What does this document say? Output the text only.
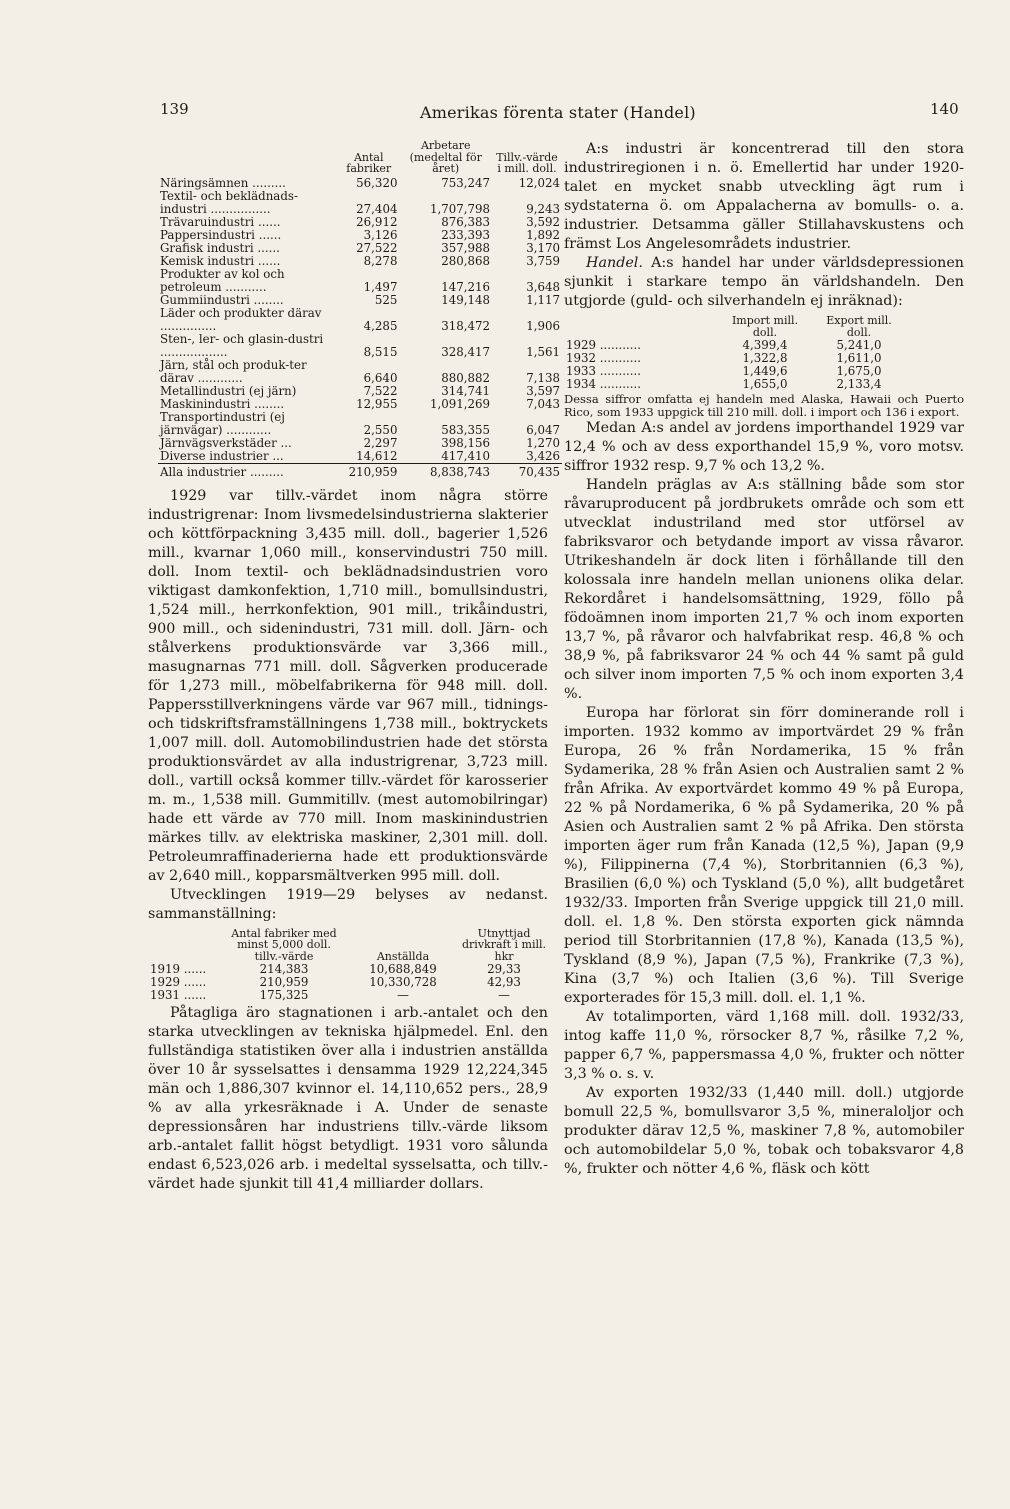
139	Amerikas förenta stater (Handel)	140
	Antal fabriker	Arbetare (medeltal för året)	Tillv.-värde i mill. doll.
Näringsämnen .........	56,320	753,247	12,024
Textil- och beklädnads-industri ................	27,404	1,707,798	9,243
Trävaruindustri ......	26,912	876,383	3,592
Pappersindustri ......	3,126	233,393	1,892
Grafisk industri ......	27,522	357,988	3,170
Kemisk industri ......	8,278	280,868	3,759
Produkter av kol och petroleum ...........	1,497	147,216	3,648
Gummiindustri ........	525	149,148	1,117
Läder och produkter därav ...............	4,285	318,472	1,906
Sten-, ler- och glasin-dustri ..................	8,515	328,417	1,561
Järn, stål och produk-ter därav ............	6,640	880,882	7,138
Metallindustri (ej järn)	7,522	314,741	3,597
Maskinindustri ........	12,955	1,091,269	7,043
Transportindustri (ej järnvägar) ............	2,550	583,355	6,047
Järnvägsverkstäder ...	2,297	398,156	1,270
Diverse industrier ...	14,612	417,410	3,426
Alla industrier .........	210,959	8,838,743	70,435

1929 var tillv.-värdet inom några större industrigrenar: Inom livsmedelsindustrierna slakterier och köttförpackning 3,435 mill. doll., bagerier 1,526 mill., kvarnar 1,060 mill., konservindustri 750 mill. doll. Inom textil- och beklädnadsindustrien voro viktigast damkonfektion, 1,710 mill., bomullsindustri, 1,524 mill., herrkonfektion, 901 mill., trikåindustri, 900 mill., och sidenindustri, 731 mill. doll. Järn- och stålverkens produktionsvärde var 3,366 mill., masugnarnas 771 mill. doll. Sågverken producerade för 1,273 mill., möbelfabrikerna för 948 mill. doll. Pappersstillverkningens värde var 967 mill., tidnings- och tidskriftsframställningens 1,738 mill., boktryckets 1,007 mill. doll. Automobilindustrien hade det största produktionsvärdet av alla industrigrenar, 3,723 mill. doll., vartill också kommer tillv.-värdet för karosserier m. m., 1,538 mill. Gummitillv. (mest automobilringar) hade ett värde av 770 mill. Inom maskinindustrien märkes tillv. av elektriska maskiner, 2,301 mill. doll. Petroleumraffinaderierna hade ett produktionsvärde av 2,640 mill., kopparsmältverken 995 mill. doll.

Utvecklingen 1919—29 belyses av nedanst. sammanställning:

	Antal fabriker med minst 5,000 doll. tillv.-värde	Anställda	Utnyttjad drivkraft i mill. hkr
1919 ......	214,383	10,688,849	29,33
1929 ......	210,959	10,330,728	42,93
1931 ......	175,325	—	—

Påtagliga äro stagnationen i arb.-antalet och den starka utvecklingen av tekniska hjälpmedel. Enl. den fullständiga statistiken över alla i industrien anställda över 10 år sysselsattes i densamma 1929 12,224,345 män och 1,886,307 kvinnor el. 14,110,652 pers., 28,9 % av alla yrkesräknade i A. Under de senaste depressionsåren har industriens tillv.-värde liksom arb.-antalet fallit högst betydligt. 1931 voro sålunda endast 6,523,026 arb. i medeltal sysselsatta, och tillv.-värdet hade sjunkit till 41,4 milliarder dollars.

A:s industri är koncentrerad till den stora industriregionen i n. ö. Emellertid har under 1920-talet en mycket snabb utveckling ägt rum i sydstaterna ö. om Appalacherna av bomulls- o. a. industrier. Detsamma gäller Stillahavskustens och främst Los Angelesområdets industrier.

Handel. A:s handel har under världsdepressionen sjunkit i starkare tempo än världshandeln. Den utgjorde (guld- och silverhandeln ej inräknad):

	Import mill. doll.	Export mill. doll.	
1929 ...........	4,399,4	5,241,0	
1932 ...........	1,322,8	1,611,0	
1933 ...........	1,449,6	1,675,0	
1934 ...........	1,655,0	2,133,4	

Dessa siffror omfatta ej handeln med Alaska, Hawaii och Puerto Rico, som 1933 uppgick till 210 mill. doll. i import och 136 i export.

Medan A:s andel av jordens importhandel 1929 var 12,4 % och av dess exporthandel 15,9 %, voro motsv. siffror 1932 resp. 9,7 % och 13,2 %.

Handeln präglas av A:s ställning både som stor råvaruproducent på jordbrukets område och som ett utvecklat industriland med stor utförsel av fabriksvaror och betydande import av vissa råvaror. Utrikeshandeln är dock liten i förhållande till den kolossala inre handeln mellan unionens olika delar. Rekordåret i handelsomsättning, 1929, föllo på födoämnen inom importen 21,7 % och inom exporten 13,7 %, på råvaror och halvfabrikat resp. 46,8 % och 38,9 %, på fabriksvaror 24 % och 44 % samt på guld och silver inom importen 7,5 % och inom exporten 3,4 %.

Europa har förlorat sin förr dominerande roll i importen. 1932 kommo av importvärdet 29 % från Europa, 26 % från Nordamerika, 15 % från Sydamerika, 28 % från Asien och Australien samt 2 % från Afrika. Av exportvärdet kommo 49 % på Europa, 22 % på Nordamerika, 6 % på Sydamerika, 20 % på Asien och Australien samt 2 % på Afrika. Den största importen äger rum från Kanada (12,5 %), Japan (9,9 %), Filippinerna (7,4 %), Storbritannien (6,3 %), Brasilien (6,0 %) och Tyskland (5,0 %), allt budgetåret 1932/33. Importen från Sverige uppgick till 21,0 mill. doll. el. 1,8 %. Den största exporten gick nämnda period till Storbritannien (17,8 %), Kanada (13,5 %), Tyskland (8,9 %), Japan (7,5 %), Frankrike (7,3 %), Kina (3,7 %) och Italien (3,6 %). Till Sverige exporterades för 15,3 mill. doll. el. 1,1 %.

Av totalimporten, värd 1,168 mill. doll. 1932/33, intog kaffe 11,0 %, rörsocker 8,7 %, råsilke 7,2 %, papper 6,7 %, pappersmassa 4,0 %, frukter och nötter 3,3 % o. s. v.

Av exporten 1932/33 (1,440 mill. doll.) utgjorde bomull 22,5 %, bomullsvaror 3,5 %, mineraloljor och produkter därav 12,5 %, maskiner 7,8 %, automobiler och automobildelar 5,0 %, tobak och tobaksvaror 4,8 %, frukter och nötter 4,6 %, fläsk och kött
